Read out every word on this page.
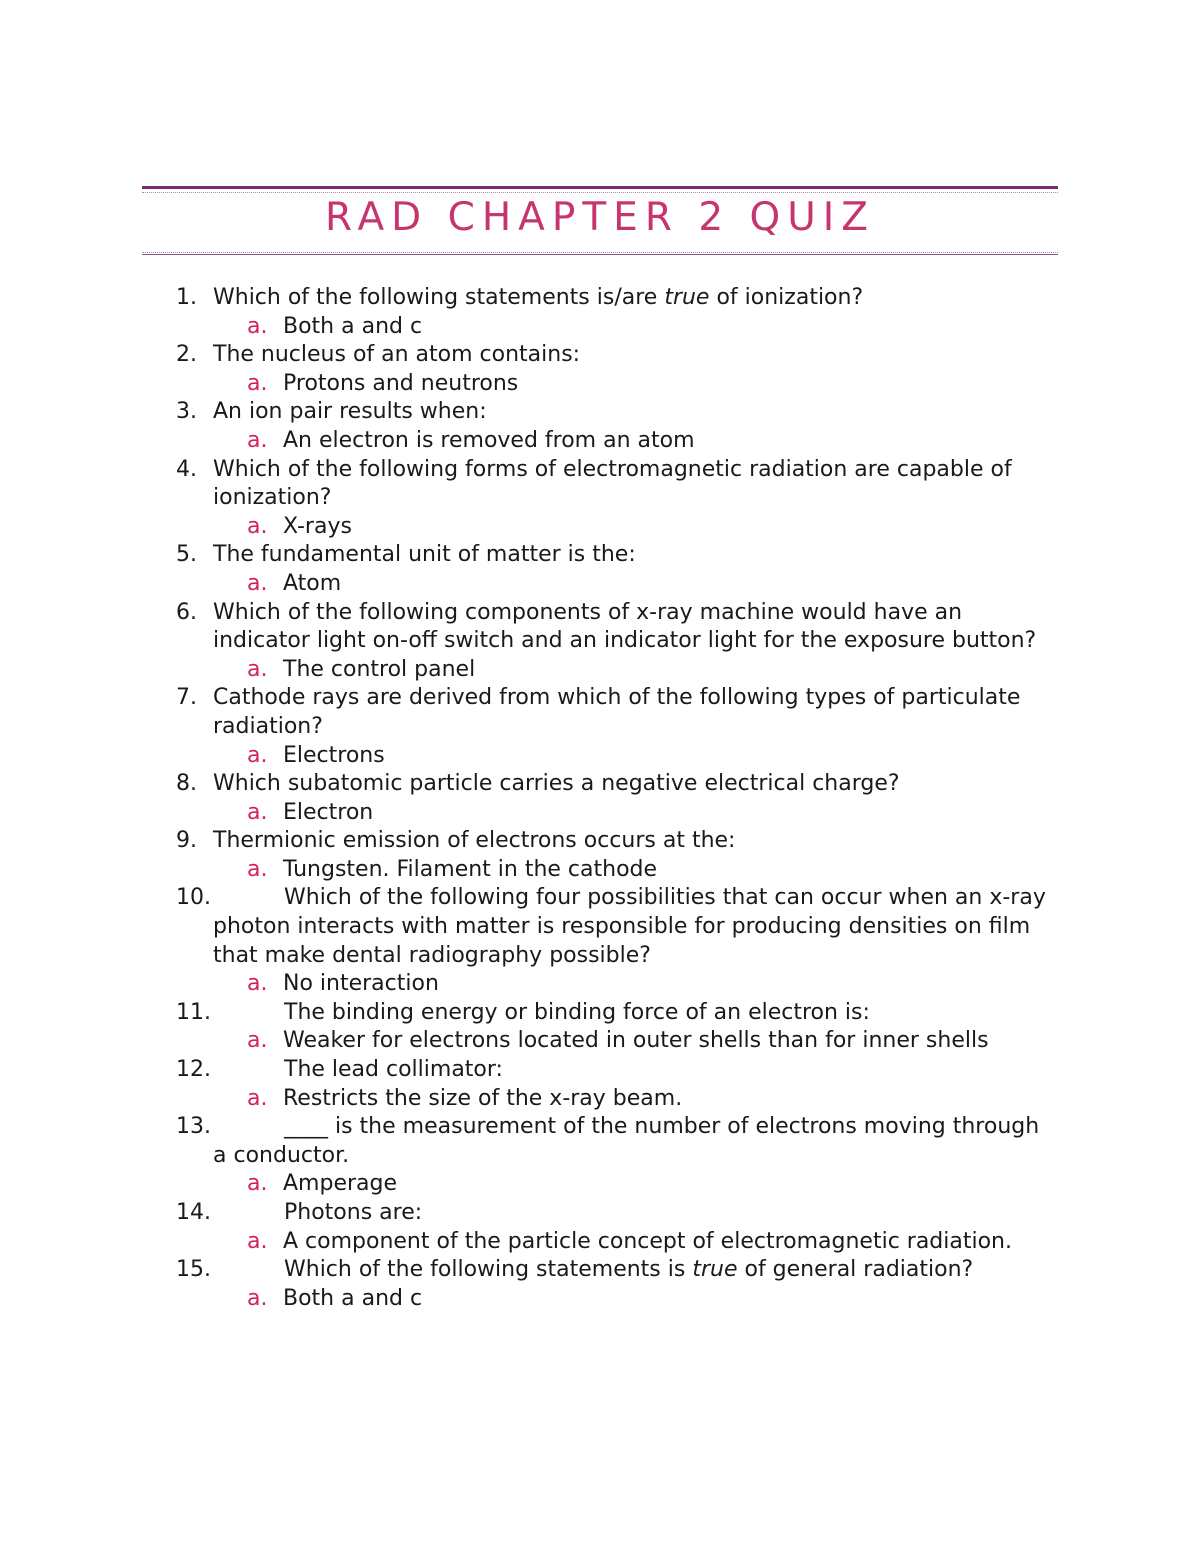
RAD CHAPTER 2 QUIZ
1. Which of the following statements is/are true of ionization?
a. Both a and c
2. The nucleus of an atom contains:
a. Protons and neutrons
3. An ion pair results when:
a. An electron is removed from an atom
4. Which of the following forms of electromagnetic radiation are capable of ionization?
a. X-rays
5. The fundamental unit of matter is the:
a. Atom
6. Which of the following components of x-ray machine would have an indicator light on-off switch and an indicator light for the exposure button?
a. The control panel
7. Cathode rays are derived from which of the following types of particulate radiation?
a. Electrons
8. Which subatomic particle carries a negative electrical charge?
a. Electron
9. Thermionic emission of electrons occurs at the:
a. Tungsten. Filament in the cathode
10.	Which of the following four possibilities that can occur when an x-ray photon interacts with matter is responsible for producing densities on film that make dental radiography possible?
a. No interaction
11.	The binding energy or binding force of an electron is:
a. Weaker for electrons located in outer shells than for inner shells
12.	The lead collimator:
a. Restricts the size of the x-ray beam.
13.	____ is the measurement of the number of electrons moving through a conductor.
a. Amperage
14.	Photons are:
a. A component of the particle concept of electromagnetic radiation.
15.	Which of the following statements is true of general radiation?
a. Both a and c
